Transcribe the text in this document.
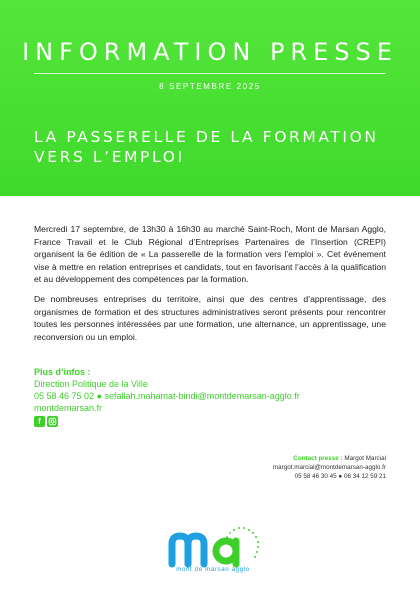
INFORMATION PRESSE
8 SEPTEMBRE 2025
LA PASSERELLE DE LA FORMATION
VERS L’EMPLOI

Mercredi 17 septembre, de 13h30 à 16h30 au marché Saint-Roch, Mont de Marsan Agglo, France Travail et le Club Régional d’Entreprises Partenaires de l’Insertion (CREPI) organisent la 6e édition de « La passerelle de la formation vers l’emploi ». Cet événement vise à mettre en relation entreprises et candidats, tout en favorisant l’accès à la qualification et au développement des compétences par la formation.

De nombreuses entreprises du territoire, ainsi que des centres d’apprentissage, des organismes de formation et des structures administratives seront présents pour rencontrer toutes les personnes intéressées par une formation, une alternance, un apprentissage, une reconversion ou un emploi.

Plus d’infos :
Direction Politique de la Ville
05 58 46 75 02 ● sefallah.mahamat-bindi@montdemarsan-agglo.fr
montdemarsan.fr
f
Contact presse : Margot Marcial
margot.marcial@montdemarsan-agglo.fr
05 58 46 30 45 ● 06 34 12 59 21
mont de marsan agglo
